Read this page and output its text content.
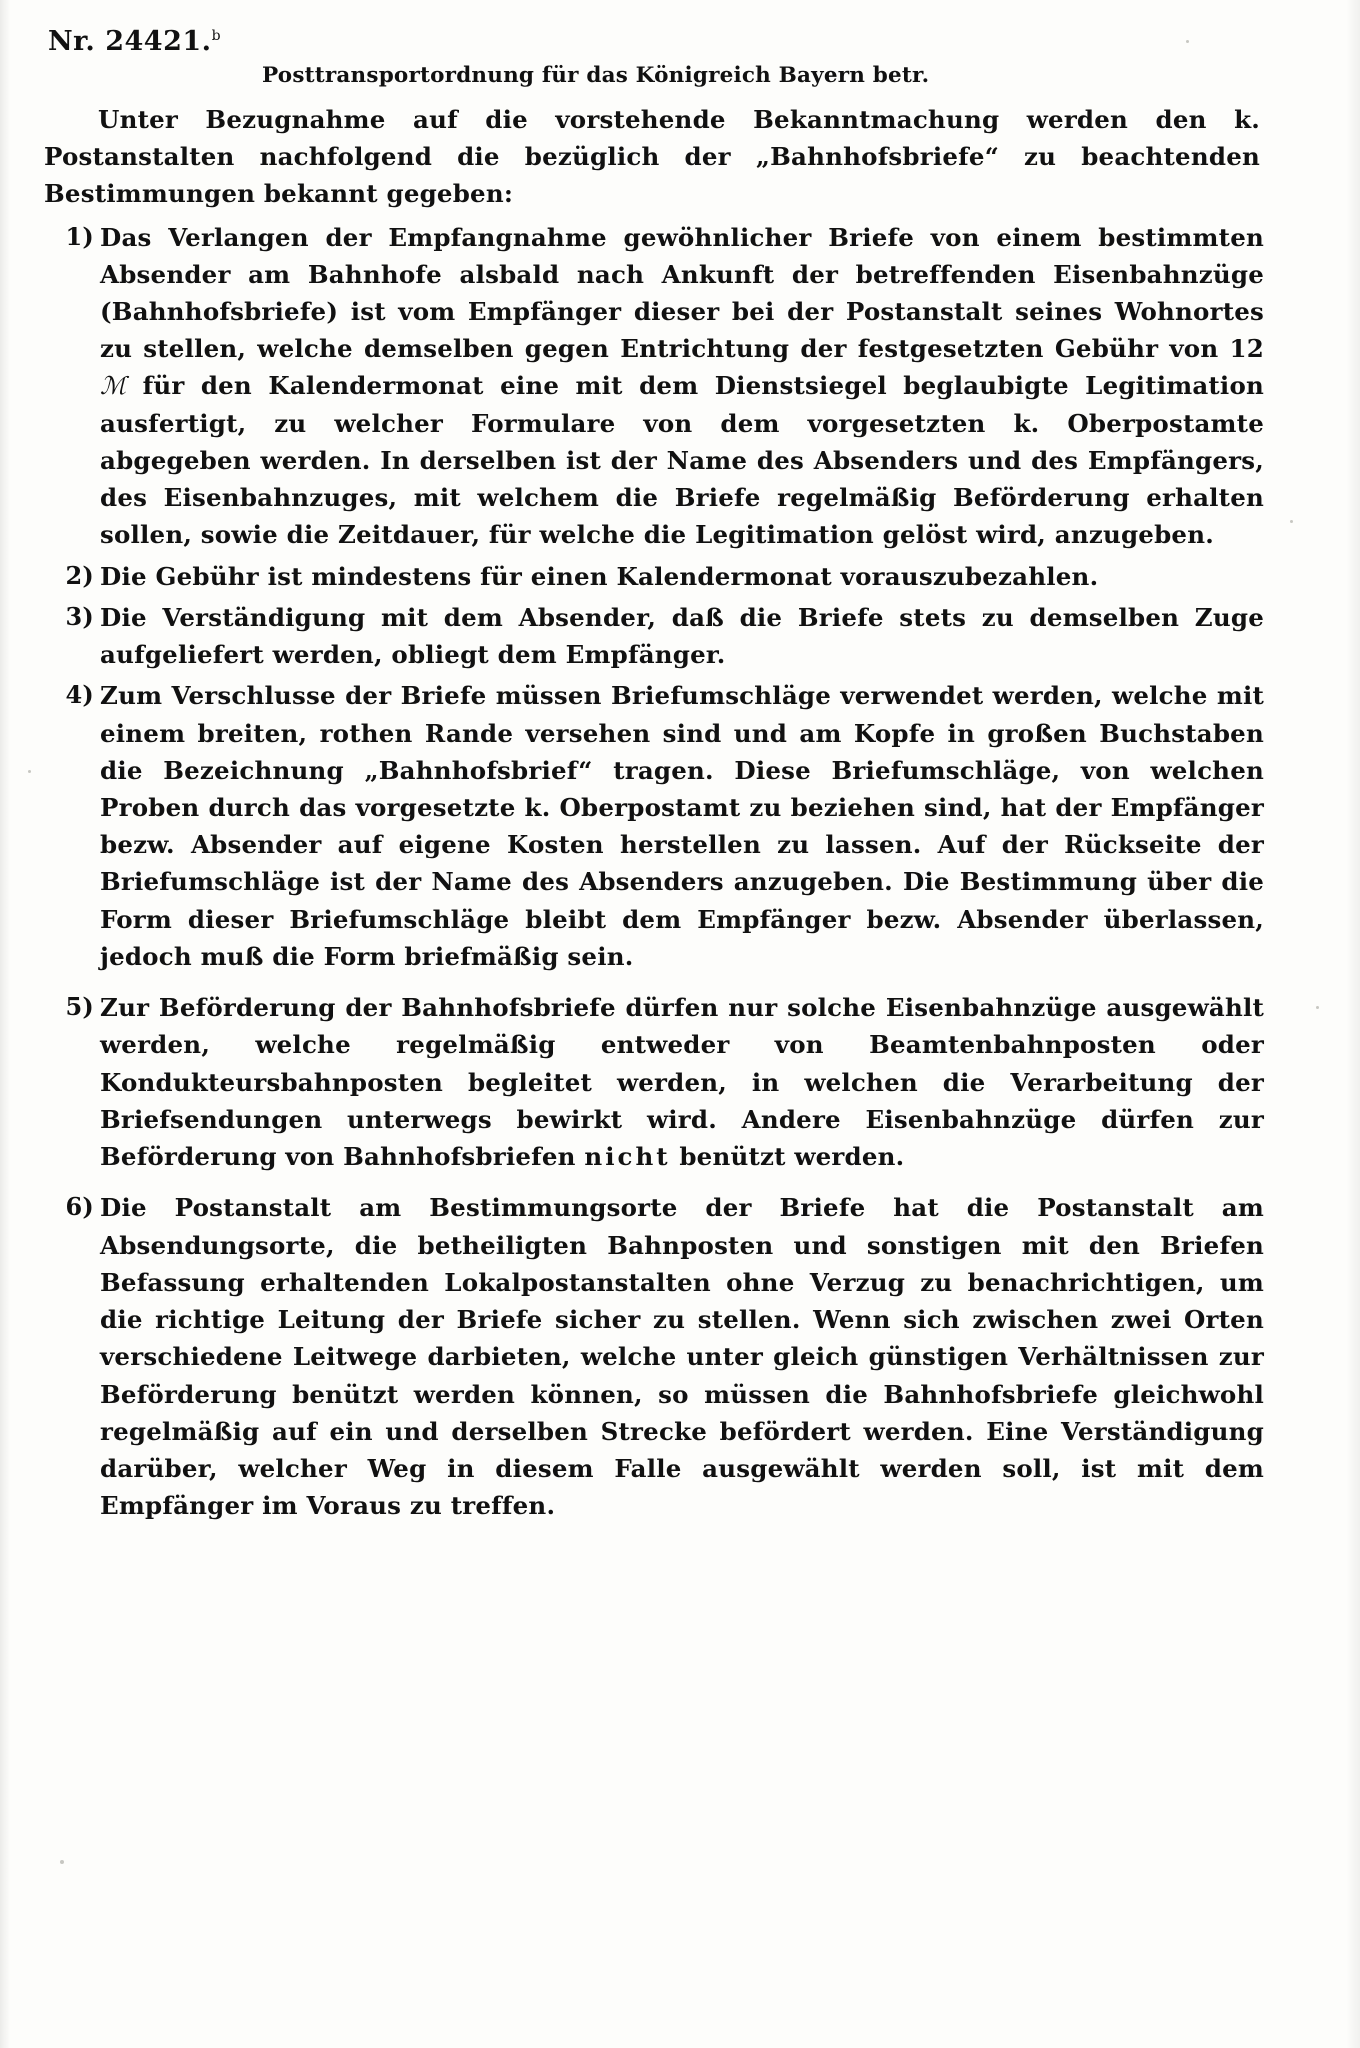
Nr. 24421.$^b$
Posttransportordnung für das Königreich Bayern betr.

Unter Bezugnahme auf die vorstehende Bekanntmachung werden den k. Postanstalten nachfolgend die bezüglich der „Bahnhofsbriefe“ zu beachtenden Bestimmungen bekannt gegeben:

1) Das Verlangen der Empfangnahme gewöhnlicher Briefe von einem bestimmten Absender am Bahnhofe alsbald nach Ankunft der betreffenden Eisenbahnzüge (Bahnhofsbriefe) ist vom Empfänger dieser bei der Postanstalt seines Wohnortes zu stellen, welche demselben gegen Entrichtung der festgesetzten Gebühr von 12 ℳ für den Kalendermonat eine mit dem Dienstsiegel beglaubigte Legitimation ausfertigt, zu welcher Formulare von dem vorgesetzten k. Oberpostamte abgegeben werden. In derselben ist der Name des Absenders und des Empfängers, des Eisenbahnzuges, mit welchem die Briefe regelmäßig Beförderung erhalten sollen, sowie die Zeitdauer, für welche die Legitimation gelöst wird, anzugeben.
2) Die Gebühr ist mindestens für einen Kalendermonat vorauszubezahlen.
3) Die Verständigung mit dem Absender, daß die Briefe stets zu demselben Zuge aufgeliefert werden, obliegt dem Empfänger.
4) Zum Verschlusse der Briefe müssen Briefumschläge verwendet werden, welche mit einem breiten, rothen Rande versehen sind und am Kopfe in großen Buchstaben die Bezeichnung „Bahnhofsbrief“ tragen. Diese Briefumschläge, von welchen Proben durch das vorgesetzte k. Oberpostamt zu beziehen sind, hat der Empfänger bezw. Absender auf eigene Kosten herstellen zu lassen. Auf der Rückseite der Briefumschläge ist der Name des Absenders anzugeben. Die Bestimmung über die Form dieser Briefumschläge bleibt dem Empfänger bezw. Absender überlassen, jedoch muß die Form briefmäßig sein.
5) Zur Beförderung der Bahnhofsbriefe dürfen nur solche Eisenbahnzüge ausgewählt werden, welche regelmäßig entweder von Beamtenbahnposten oder Kondukteursbahnposten begleitet werden, in welchen die Verarbeitung der Briefsendungen unterwegs bewirkt wird. Andere Eisenbahnzüge dürfen zur Beförderung von Bahnhofsbriefen nicht benützt werden.
6) Die Postanstalt am Bestimmungsorte der Briefe hat die Postanstalt am Absendungsorte, die betheiligten Bahnposten und sonstigen mit den Briefen Befassung erhaltenden Lokalpostanstalten ohne Verzug zu benachrichtigen, um die richtige Leitung der Briefe sicher zu stellen. Wenn sich zwischen zwei Orten verschiedene Leitwege darbieten, welche unter gleich günstigen Verhältnissen zur Beförderung benützt werden können, so müssen die Bahnhofsbriefe gleichwohl regelmäßig auf ein und derselben Strecke befördert werden. Eine Verständigung darüber, welcher Weg in diesem Falle ausgewählt werden soll, ist mit dem Empfänger im Voraus zu treffen.
